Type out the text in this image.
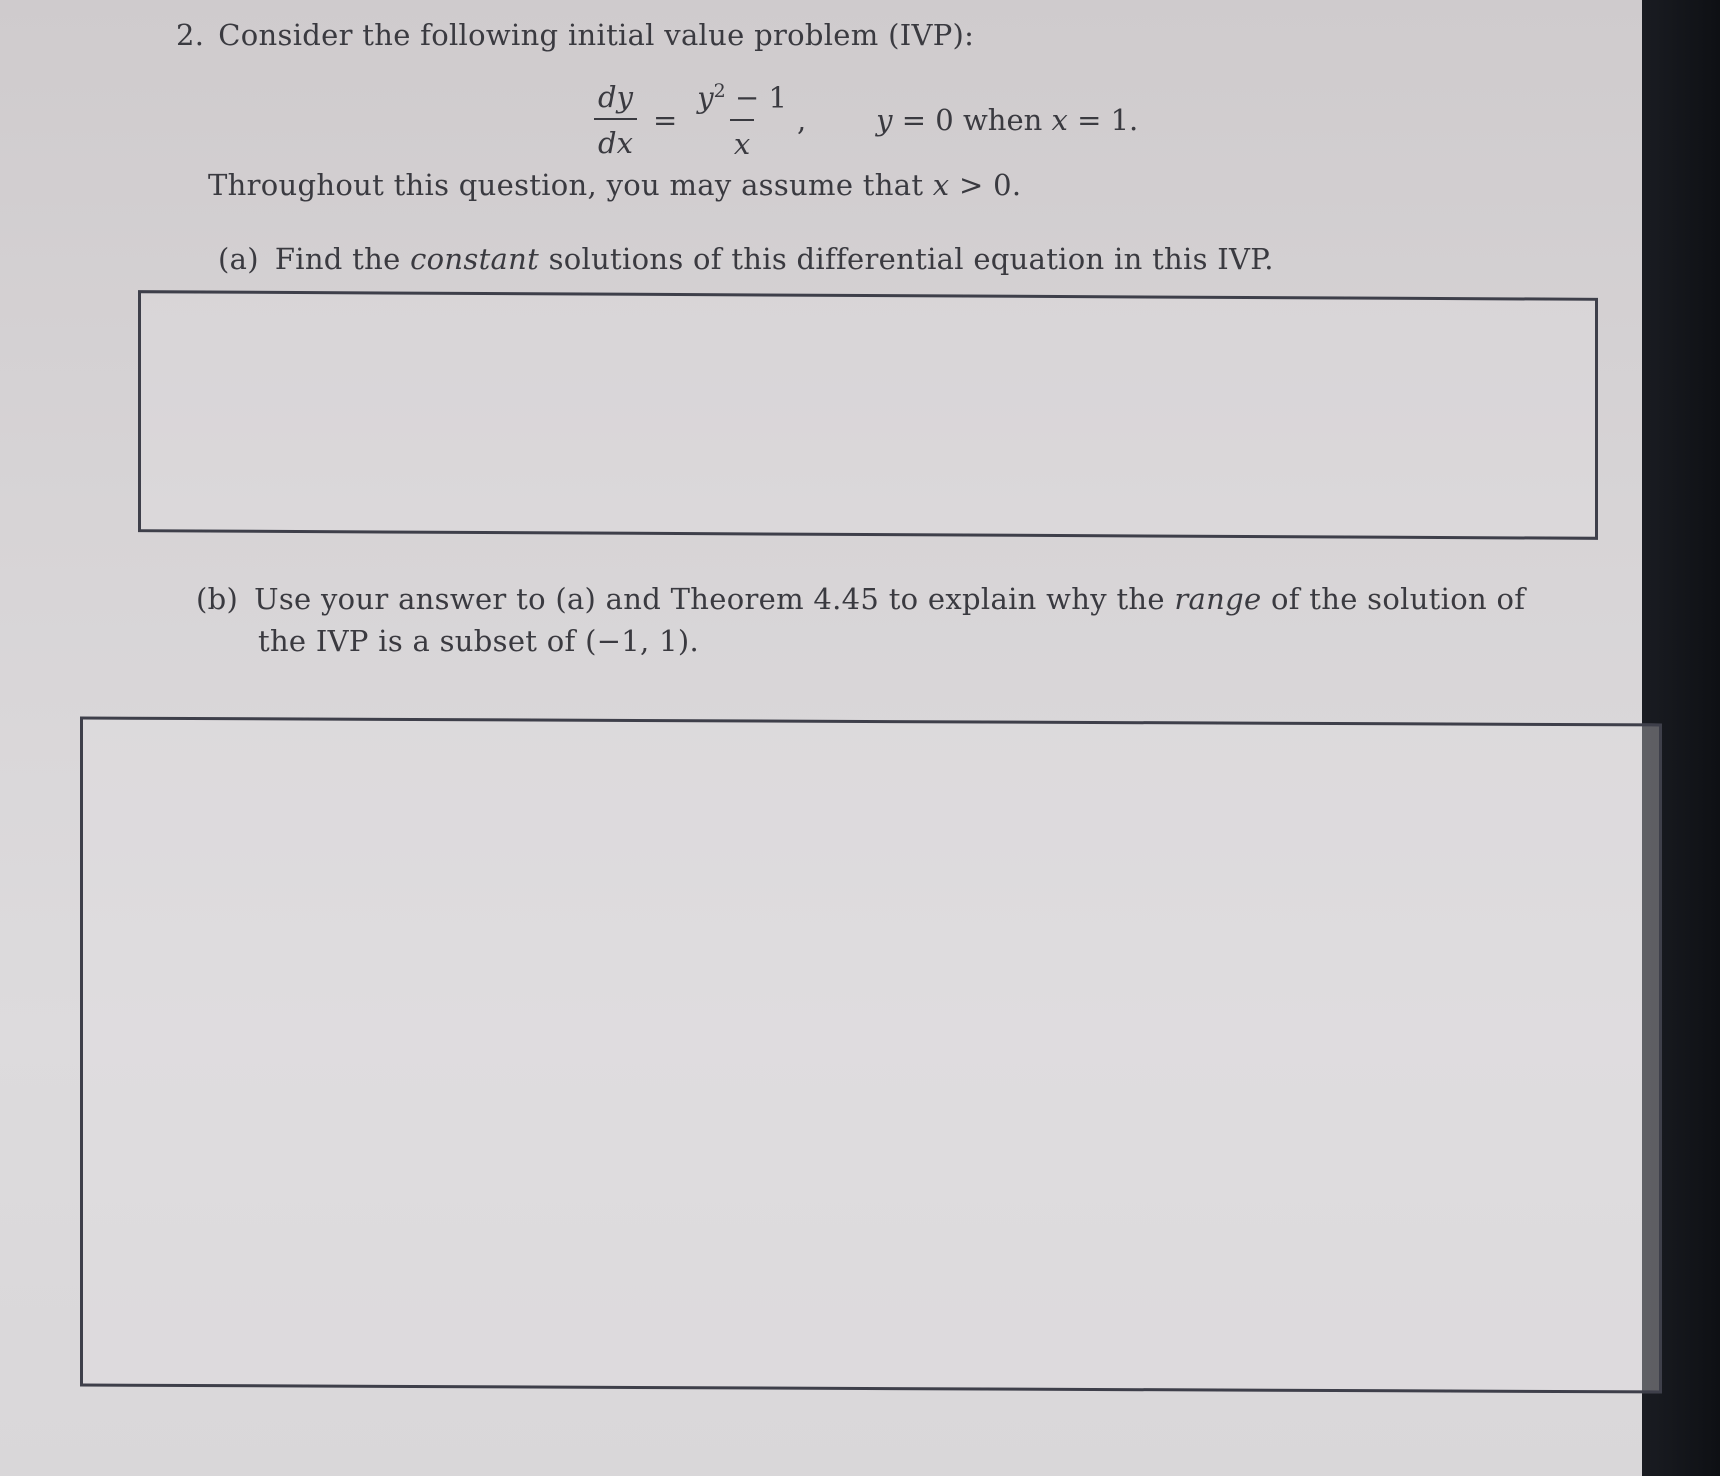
2. Consider the following initial value problem (IVP):
$\frac{dy}{dx} = \frac{y^2 - 1}{x}$ , y = 0 when x = 1.
Throughout this question, you may assume that x > 0.
(a) Find the constant solutions of this differential equation in this IVP.
(b) Use your answer to (a) and Theorem 4.45 to explain why the range of the solution of
the IVP is a subset of (−1, 1).
